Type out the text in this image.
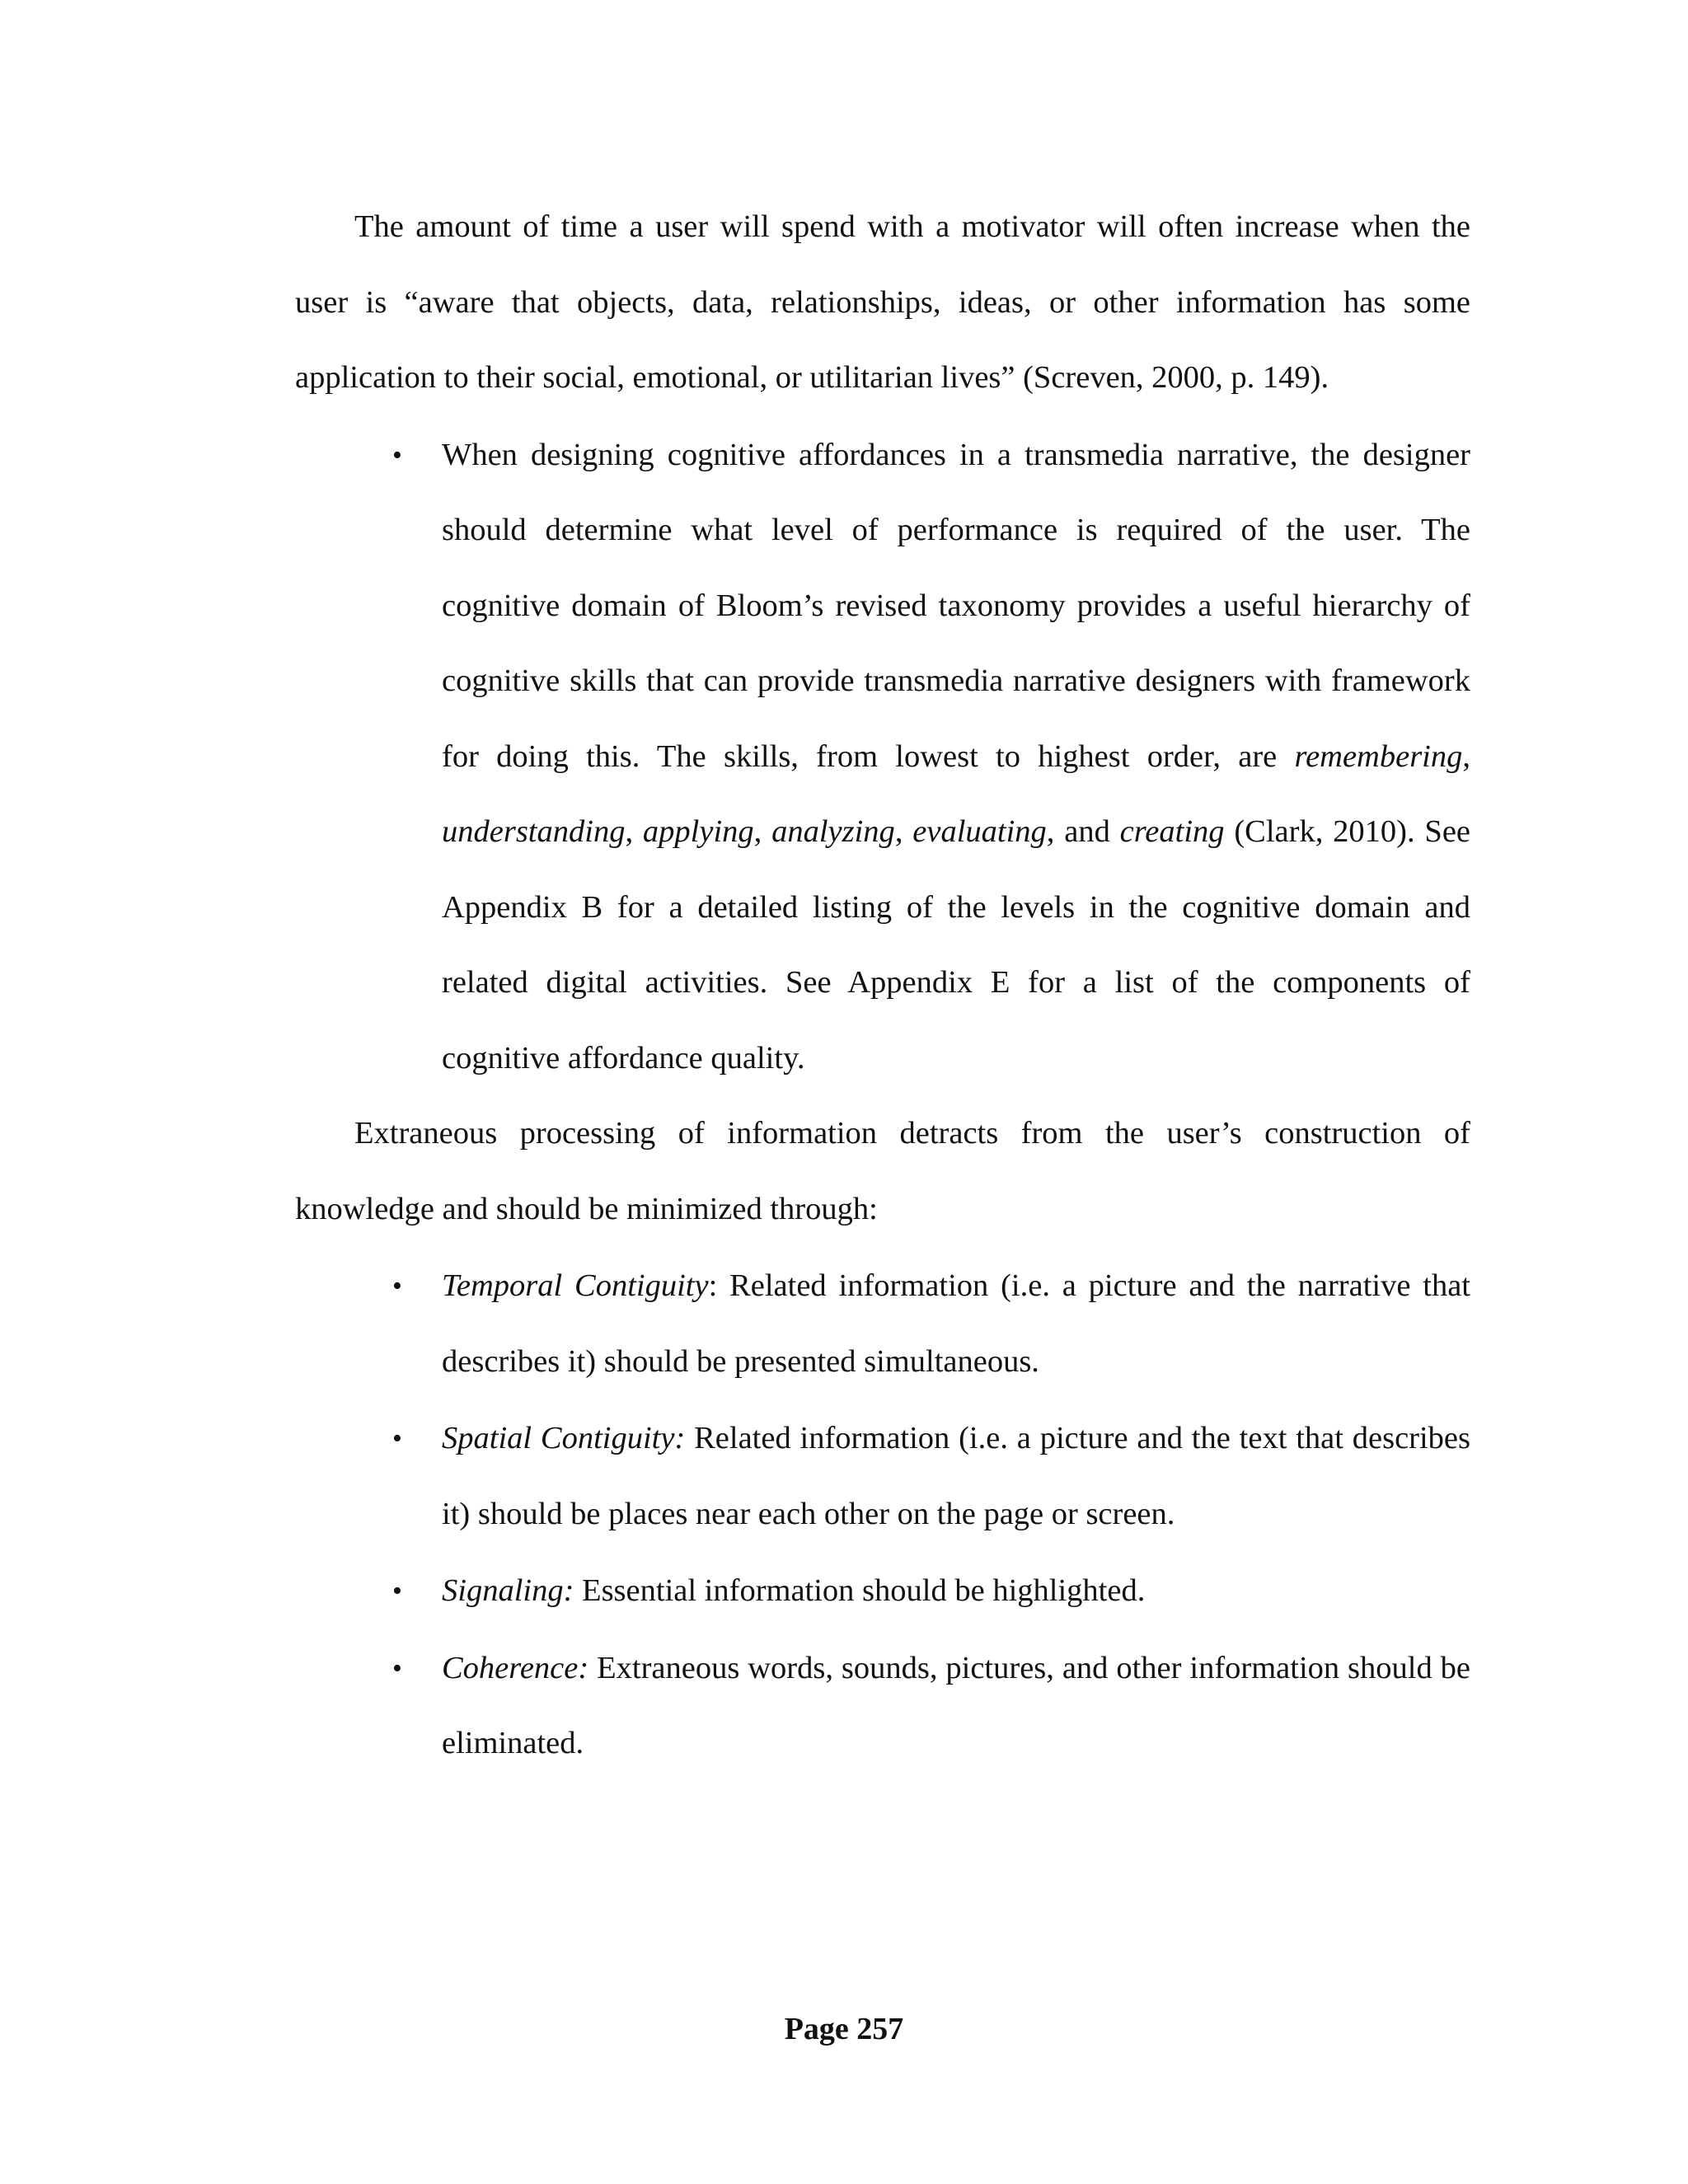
The amount of time a user will spend with a motivator will often increase when the user is “aware that objects, data, relationships, ideas, or other information has some application to their social, emotional, or utilitarian lives” (Screven, 2000, p. 149).

• When designing cognitive affordances in a transmedia narrative, the designer should determine what level of performance is required of the user. The cognitive domain of Bloom’s revised taxonomy provides a useful hierarchy of cognitive skills that can provide transmedia narrative designers with framework for doing this. The skills, from lowest to highest order, are remembering, understanding, applying, analyzing, evaluating, and creating (Clark, 2010). See Appendix B for a detailed listing of the levels in the cognitive domain and related digital activities. See Appendix E for a list of the components of cognitive affordance quality.

Extraneous processing of information detracts from the user’s construction of knowledge and should be minimized through:

• Temporal Contiguity: Related information (i.e. a picture and the narrative that describes it) should be presented simultaneous.
• Spatial Contiguity: Related information (i.e. a picture and the text that describes it) should be places near each other on the page or screen.
• Signaling: Essential information should be highlighted.
• Coherence: Extraneous words, sounds, pictures, and other information should be eliminated.
Page 257
